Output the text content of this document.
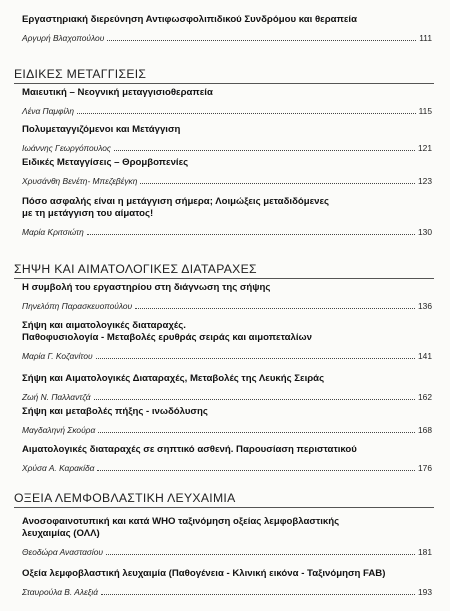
Εργαστηριακή διερεύνηση Αντιφωσφολιπιδικού Συνδρόμου και θεραπεία
Αργυρή Βλαχοπούλου	111
ΕΙΔΙΚΕΣ ΜΕΤΑΓΓΙΣΕΙΣ
Μαιευτική – Νεογνική μεταγγισιοθεραπεία
Λένα Παμφίλη	115
Πολυμεταγγιζόμενοι και Μετάγγιση
Ιωάννης Γεωργόπουλος	121
Ειδικές Μεταγγίσεις – Θρομβοπενίες
Χρυσάνθη Βενέτη- Μπεζεβέγκη	123
Πόσο ασφαλής είναι η μετάγγιση σήμερα; Λοιμώξεις μεταδιδόμενες
με τη μετάγγιση του αίματος!
Μαρία Κριτσιώτη	130
ΣΗΨΗ ΚΑΙ ΑΙΜΑΤΟΛΟΓΙΚΕΣ ΔΙΑΤΑΡΑΧΕΣ
Η συμβολή του εργαστηρίου στη διάγνωση της σήψης
Πηνελόπη Παρασκευοπούλου	136
Σήψη και αιματολογικές διαταραχές.
Παθοφυσιολογία - Μεταβολές ερυθράς σειράς και αιμοπεταλίων
Μαρία Γ. Κοζανίτου	141
Σήψη και Αιματολογικές Διαταραχές, Μεταβολές της Λευκής Σειράς
Ζωή Ν. Παλλαντζά	162
Σήψη και μεταβολές πήξης - ινωδόλυσης
Μαγδαληνή Σκούρα	168
Αιματολογικές διαταραχές σε σηπτικό ασθενή. Παρουσίαση περιστατικού
Χρύσα Α. Καρακίδα	176
ΟΞΕΙΑ ΛΕΜΦΟΒΛΑΣΤΙΚΗ ΛΕΥΧΑΙΜΙΑ
Ανοσοφαινοτυπική και κατά WHO ταξινόμηση οξείας λεμφοβλαστικής
λευχαιμίας (ΟΛΛ)
Θεοδώρα Αναστασίου	181
Οξεία λεμφοβλαστική λευχαιμία (Παθογένεια - Κλινική εικόνα - Ταξινόμηση FAB)
Σταυρούλα Β. Αλεξιά	193
